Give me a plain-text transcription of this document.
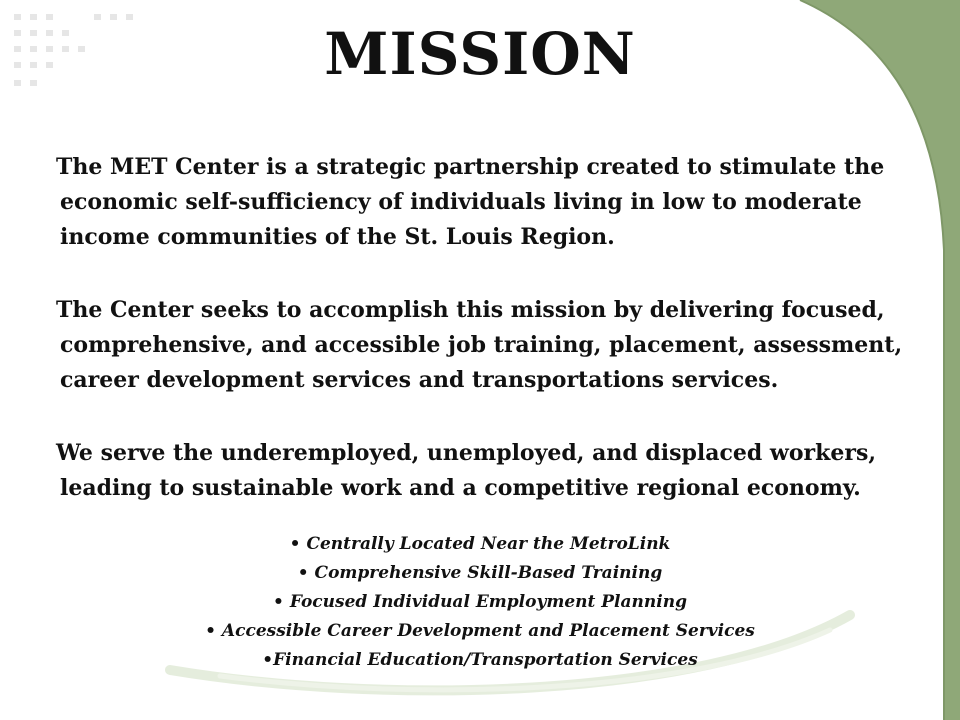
MISSION

The MET Center is a strategic partnership created to stimulate the economic self-sufficiency of individuals living in low to moderate income communities of the St. Louis Region.

The Center seeks to accomplish this mission by delivering focused, comprehensive, and accessible job training, placement, assessment, career development services and transportations services.

We serve the underemployed, unemployed, and displaced workers, leading to sustainable work and a competitive regional economy.

• Centrally Located Near the MetroLink

• Comprehensive Skill-Based Training

• Focused Individual Employment Planning

• Accessible Career Development and Placement Services

•Financial Education/Transportation Services
